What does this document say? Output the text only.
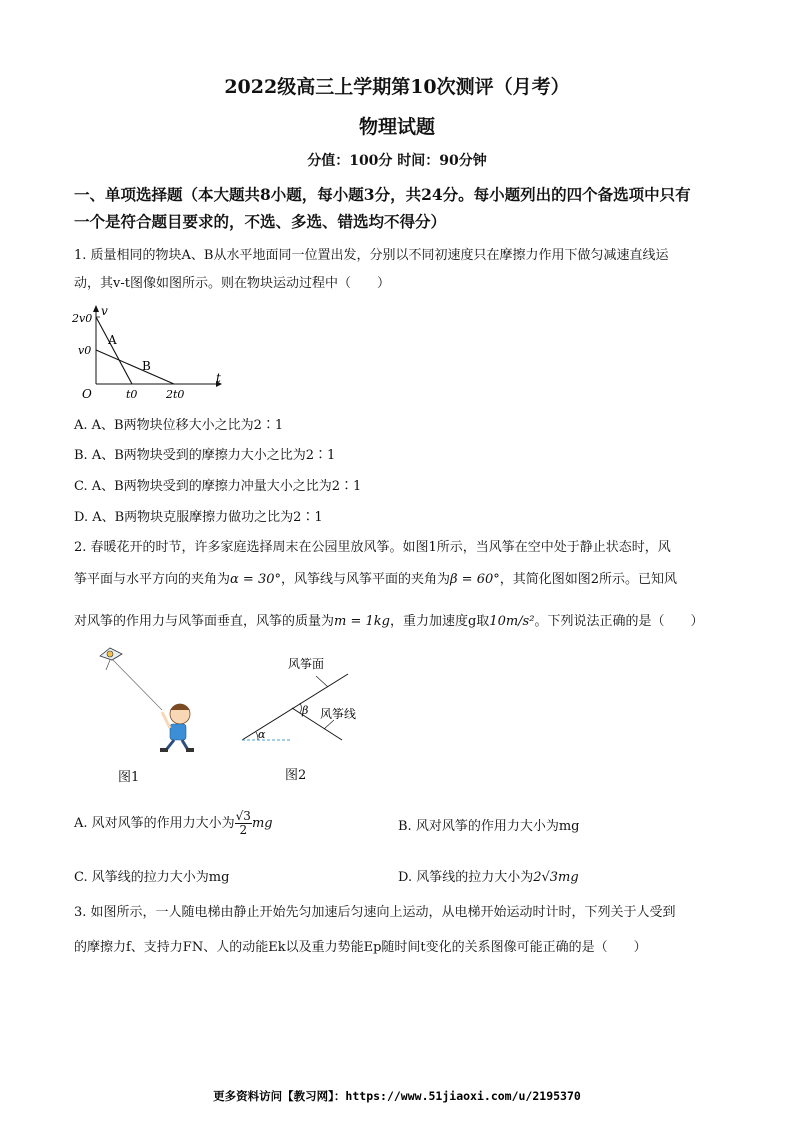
2022级高三上学期第10次测评（月考）
物理试题
分值：100分 时间：90分钟
一、单项选择题（本大题共8小题，每小题3分，共24分。每小题列出的四个备选项中只有
一个是符合题目要求的，不选、多选、错选均不得分）
1. 质量相同的物块A、B从水平地面同一位置出发，分别以不同初速度只在摩擦力作用下做匀减速直线运
动，其v-t图像如图所示。则在物块运动过程中（　　）
v
t
O
2v0
v0
t0	2t0
A
B
A. A、B两物块位移大小之比为2∶1
B. A、B两物块受到的摩擦力大小之比为2∶1
C. A、B两物块受到的摩擦力冲量大小之比为2∶1
D. A、B两物块克服摩擦力做功之比为2∶1
2. 春暖花开的时节，许多家庭选择周末在公园里放风筝。如图1所示，当风筝在空中处于静止状态时，风
筝平面与水平方向的夹角为α = 30°，风筝线与风筝平面的夹角为β = 60°，其简化图如图2所示。已知风
对风筝的作用力与风筝面垂直，风筝的质量为m = 1kg，重力加速度g取10m/s²。下列说法正确的是（　　）
图1
α
β
风筝面
风筝线
图2
A. 风对风筝的作用力大小为 $\frac{√3}{2}$ mg	B. 风对风筝的作用力大小为mg
C. 风筝线的拉力大小为mg	D. 风筝线的拉力大小为2√3mg
3. 如图所示，一人随电梯由静止开始先匀加速后匀速向上运动，从电梯开始运动时计时，下列关于人受到
的摩擦力f、支持力FN、人的动能Ek以及重力势能Ep随时间t变化的关系图像可能正确的是（　　）
更多资料访问【教习网】：https://www.51jiaoxi.com/u/2195370
